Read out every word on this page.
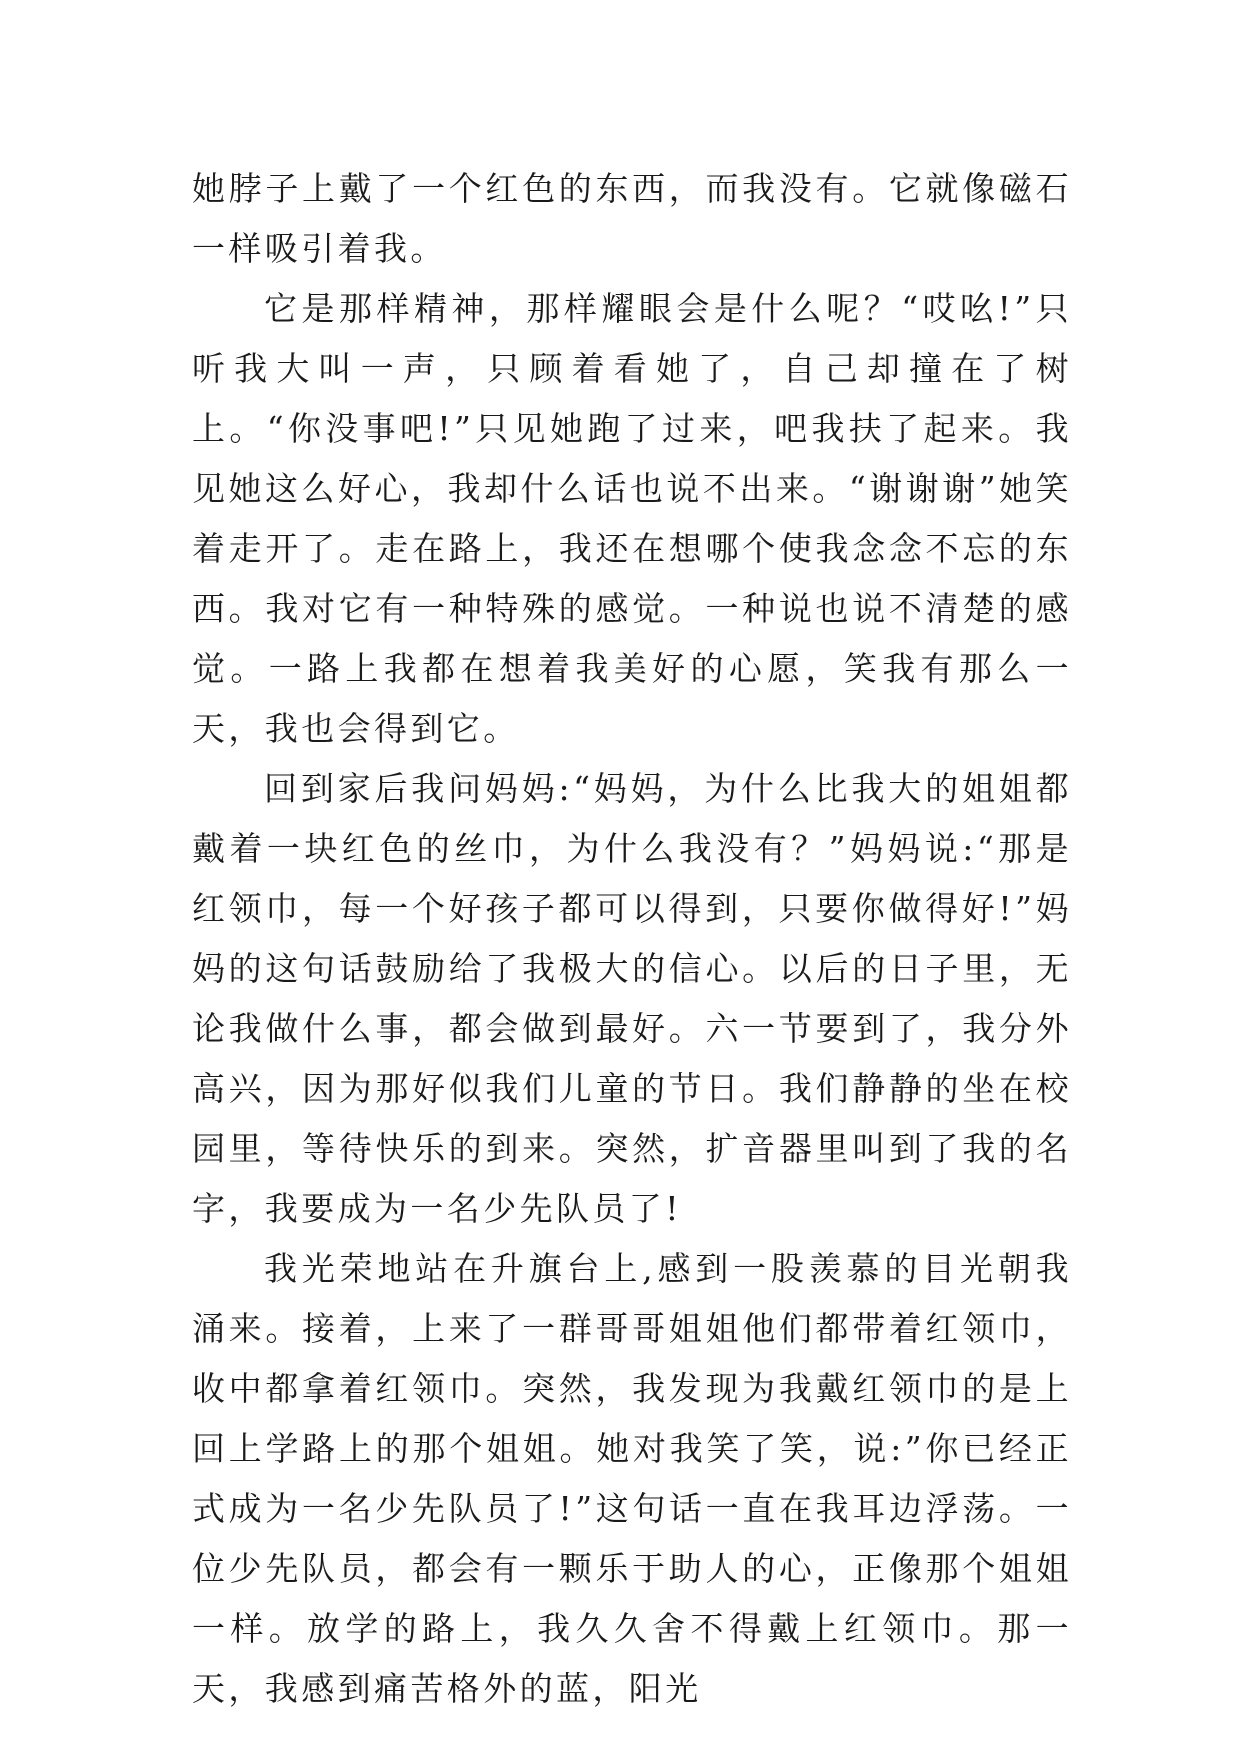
她脖子上戴了一个红色的东西，而我没有。它就像磁石一样吸引着我。

它是那样精神，那样耀眼会是什么呢？“哎吆!”只听我大叫一声，只顾着看她了，自己却撞在了树上。“你没事吧!”只见她跑了过来，吧我扶了起来。我见她这么好心，我却什么话也说不出来。“谢谢谢”她笑着走开了。走在路上，我还在想哪个使我念念不忘的东西。我对它有一种特殊的感觉。一种说也说不清楚的感觉。一路上我都在想着我美好的心愿，笑我有那么一天，我也会得到它。

回到家后我问妈妈:“妈妈，为什么比我大的姐姐都戴着一块红色的丝巾，为什么我没有？”妈妈说:“那是红领巾，每一个好孩子都可以得到，只要你做得好!”妈妈的这句话鼓励给了我极大的信心。以后的日子里，无论我做什么事，都会做到最好。六一节要到了，我分外高兴，因为那好似我们儿童的节日。我们静静的坐在校园里，等待快乐的到来。突然，扩音器里叫到了我的名字，我要成为一名少先队员了!

我光荣地站在升旗台上,感到一股羡慕的目光朝我涌来。接着，上来了一群哥哥姐姐他们都带着红领巾，收中都拿着红领巾。突然，我发现为我戴红领巾的是上回上学路上的那个姐姐。她对我笑了笑，说:”你已经正式成为一名少先队员了!”这句话一直在我耳边浮荡。一位少先队员，都会有一颗乐于助人的心，正像那个姐姐一样。放学的路上，我久久舍不得戴上红领巾。那一天，我感到痛苦格外的蓝，阳光
